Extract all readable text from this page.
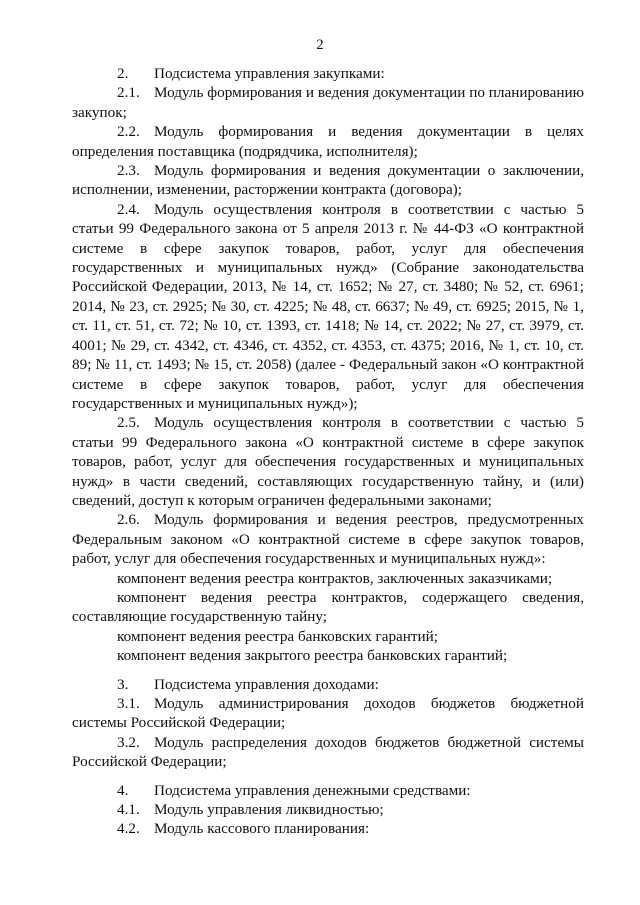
2

2. Подсистема управления закупками:

2.1. Модуль формирования и ведения документации по планированию закупок;

2.2. Модуль формирования и ведения документации в целях определения поставщика (подрядчика, исполнителя);

2.3. Модуль формирования и ведения документации о заключении, исполнении, изменении, расторжении контракта (договора);

2.4. Модуль осуществления контроля в соответствии с частью 5 статьи 99 Федерального закона от 5 апреля 2013 г. № 44-ФЗ «О контрактной системе в сфере закупок товаров, работ, услуг для обеспечения государственных и муниципальных нужд» (Собрание законодательства Российской Федерации, 2013, № 14, ст. 1652; № 27, ст. 3480; № 52, ст. 6961; 2014, № 23, ст. 2925; № 30, ст. 4225; № 48, ст. 6637; № 49, ст. 6925; 2015, № 1, ст. 11, ст. 51, ст. 72; № 10, ст. 1393, ст. 1418; № 14, ст. 2022; № 27, ст. 3979, ст. 4001; № 29, ст. 4342, ст. 4346, ст. 4352, ст. 4353, ст. 4375; 2016, № 1, ст. 10, ст. 89; № 11, ст. 1493; № 15, ст. 2058) (далее - Федеральный закон «О контрактной системе в сфере закупок товаров, работ, услуг для обеспечения государственных и муниципальных нужд»);

2.5. Модуль осуществления контроля в соответствии с частью 5 статьи 99 Федерального закона «О контрактной системе в сфере закупок товаров, работ, услуг для обеспечения государственных и муниципальных нужд» в части сведений, составляющих государственную тайну, и (или) сведений, доступ к которым ограничен федеральными законами;

2.6. Модуль формирования и ведения реестров, предусмотренных Федеральным законом «О контрактной системе в сфере закупок товаров, работ, услуг для обеспечения государственных и муниципальных нужд»:

компонент ведения реестра контрактов, заключенных заказчиками;

компонент ведения реестра контрактов, содержащего сведения, составляющие государственную тайну;

компонент ведения реестра банковских гарантий;

компонент ведения закрытого реестра банковских гарантий;

3. Подсистема управления доходами:

3.1. Модуль администрирования доходов бюджетов бюджетной системы Российской Федерации;

3.2. Модуль распределения доходов бюджетов бюджетной системы Российской Федерации;

4. Подсистема управления денежными средствами:

4.1. Модуль управления ликвидностью;

4.2. Модуль кассового планирования:
